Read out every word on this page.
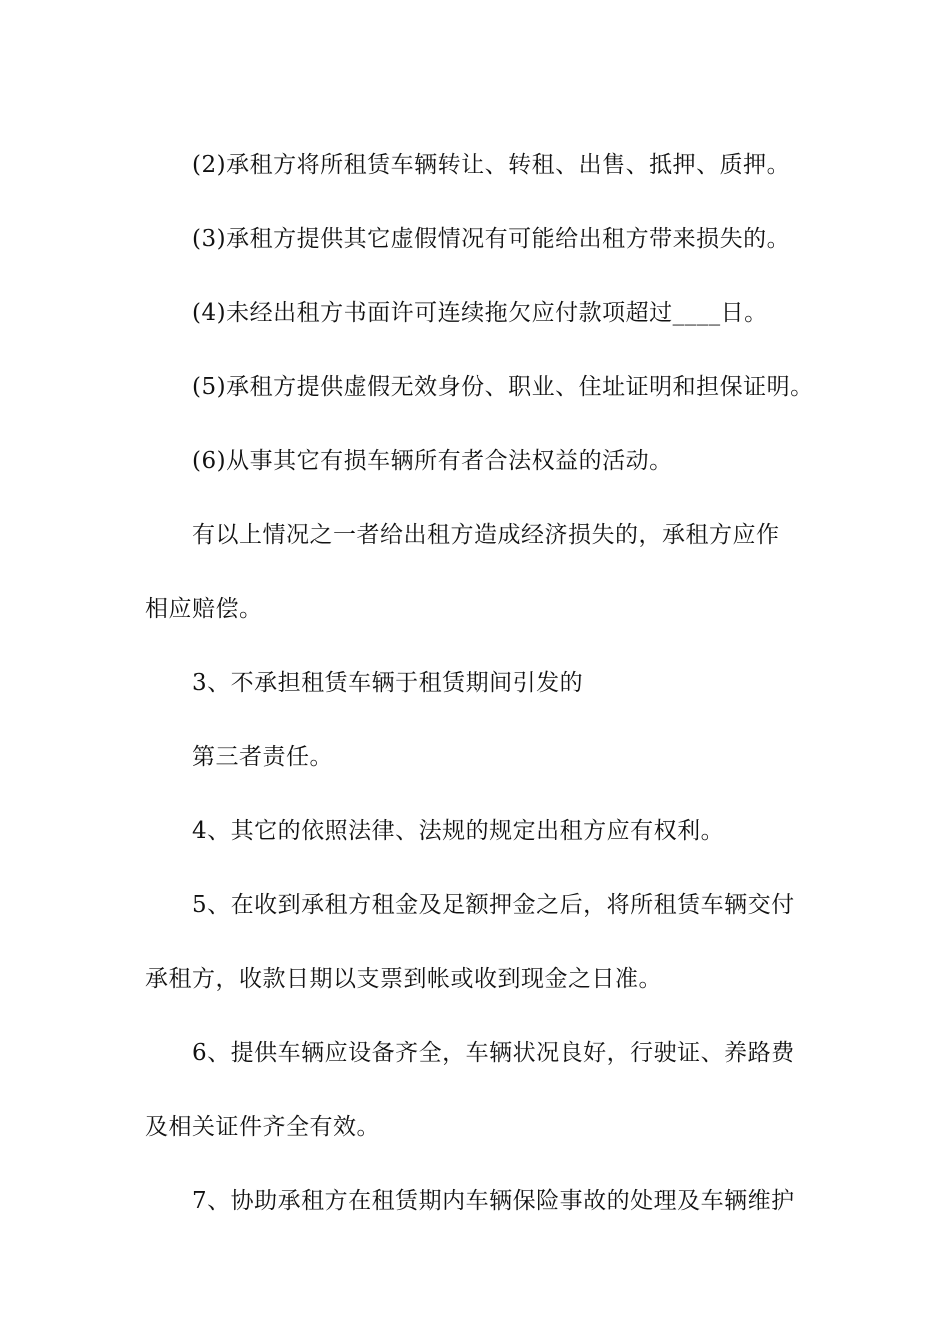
(2)承租方将所租赁车辆转让、转租、出售、抵押、质押。
(3)承租方提供其它虚假情况有可能给出租方带来损失的。
(4)未经出租方书面许可连续拖欠应付款项超过____日。
(5)承租方提供虚假无效身份、职业、住址证明和担保证明。
(6)从事其它有损车辆所有者合法权益的活动。
有以上情况之一者给出租方造成经济损失的，承租方应作
相应赔偿。
3、不承担租赁车辆于租赁期间引发的
第三者责任。
4、其它的依照法律、法规的规定出租方应有权利。
5、在收到承租方租金及足额押金之后，将所租赁车辆交付
承租方，收款日期以支票到帐或收到现金之日准。
6、提供车辆应设备齐全，车辆状况良好，行驶证、养路费
及相关证件齐全有效。
7、协助承租方在租赁期内车辆保险事故的处理及车辆维护
